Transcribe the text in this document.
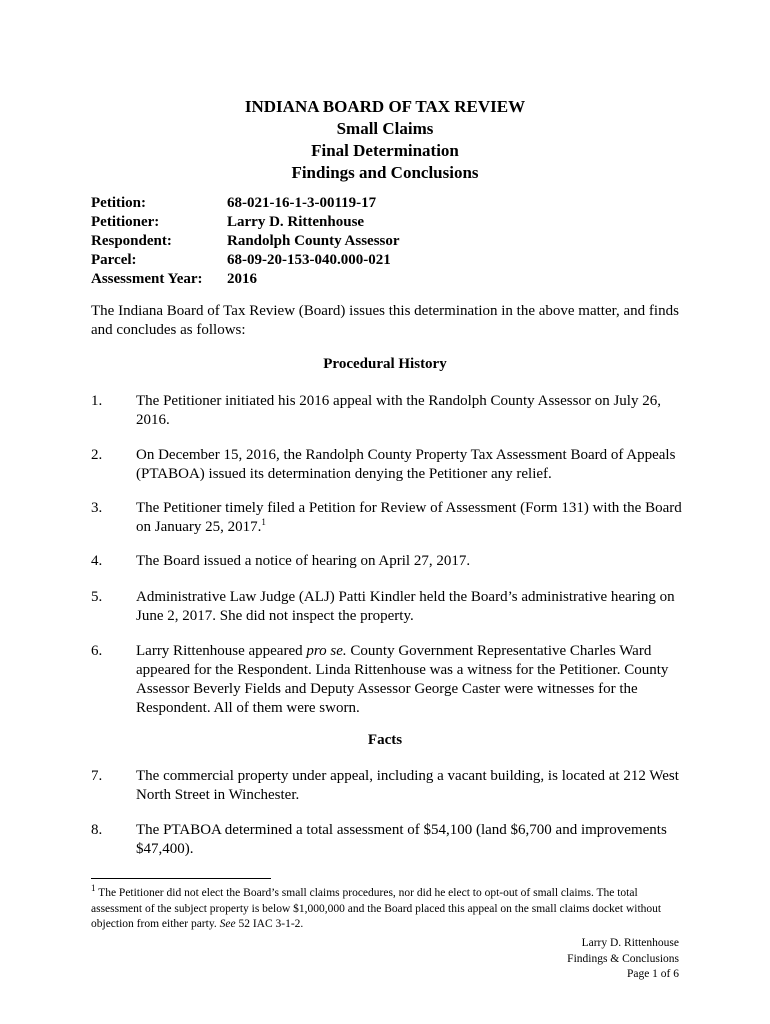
INDIANA BOARD OF TAX REVIEW
Small Claims
Final Determination
Findings and Conclusions
Petition:	68-021-16-1-3-00119-17
Petitioner:	Larry D. Rittenhouse
Respondent:	Randolph County Assessor
Parcel:	68-09-20-153-040.000-021
Assessment Year:	2016
The Indiana Board of Tax Review (Board) issues this determination in the above matter, and finds and concludes as follows:
Procedural History
1.	The Petitioner initiated his 2016 appeal with the Randolph County Assessor on July 26, 2016.
2.	On December 15, 2016, the Randolph County Property Tax Assessment Board of Appeals (PTABOA) issued its determination denying the Petitioner any relief.
3.	The Petitioner timely filed a Petition for Review of Assessment (Form 131) with the Board on January 25, 2017.$^1$
4.	The Board issued a notice of hearing on April 27, 2017.
5.	Administrative Law Judge (ALJ) Patti Kindler held the Board’s administrative hearing on June 2, 2017. She did not inspect the property.
6.	Larry Rittenhouse appeared pro se. County Government Representative Charles Ward appeared for the Respondent. Linda Rittenhouse was a witness for the Petitioner. County Assessor Beverly Fields and Deputy Assessor George Caster were witnesses for the Respondent. All of them were sworn.
Facts
7.	The commercial property under appeal, including a vacant building, is located at 212 West North Street in Winchester.
8.	The PTABOA determined a total assessment of $54,100 (land $6,700 and improvements $47,400).
$^1$ The Petitioner did not elect the Board’s small claims procedures, nor did he elect to opt-out of small claims. The total assessment of the subject property is below $1,000,000 and the Board placed this appeal on the small claims docket without objection from either party. See 52 IAC 3-1-2.
Larry D. Rittenhouse
Findings & Conclusions
Page 1 of 6
